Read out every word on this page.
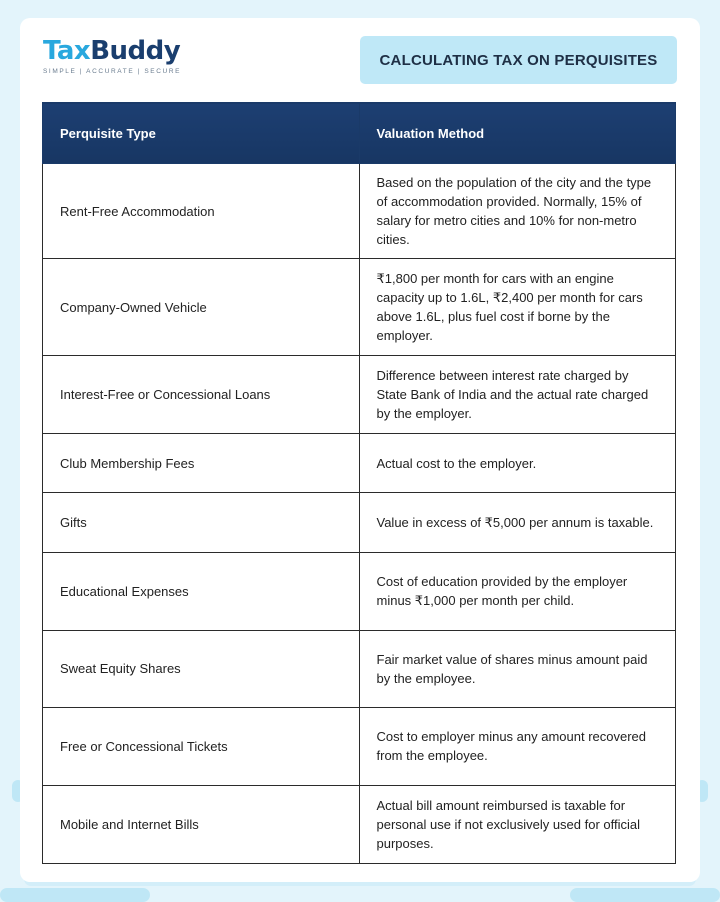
TaxBuddy
SIMPLE | ACCURATE | SECURE
CALCULATING TAX ON PERQUISITES
Perquisite Type	Valuation Method
Rent-Free Accommodation	Based on the population of the city and the type of accommodation provided. Normally, 15% of salary for metro cities and 10% for non-metro cities.
Company-Owned Vehicle	₹1,800 per month for cars with an engine capacity up to 1.6L, ₹2,400 per month for cars above 1.6L, plus fuel cost if borne by the employer.
Interest-Free or Concessional Loans	Difference between interest rate charged by State Bank of India and the actual rate charged by the employer.
Club Membership Fees	Actual cost to the employer.
Gifts	Value in excess of ₹5,000 per annum is taxable.
Educational Expenses	Cost of education provided by the employer minus ₹1,000 per month per child.
Sweat Equity Shares	Fair market value of shares minus amount paid by the employee.
Free or Concessional Tickets	Cost to employer minus any amount recovered from the employee.
Mobile and Internet Bills	Actual bill amount reimbursed is taxable for personal use if not exclusively used for official purposes.
